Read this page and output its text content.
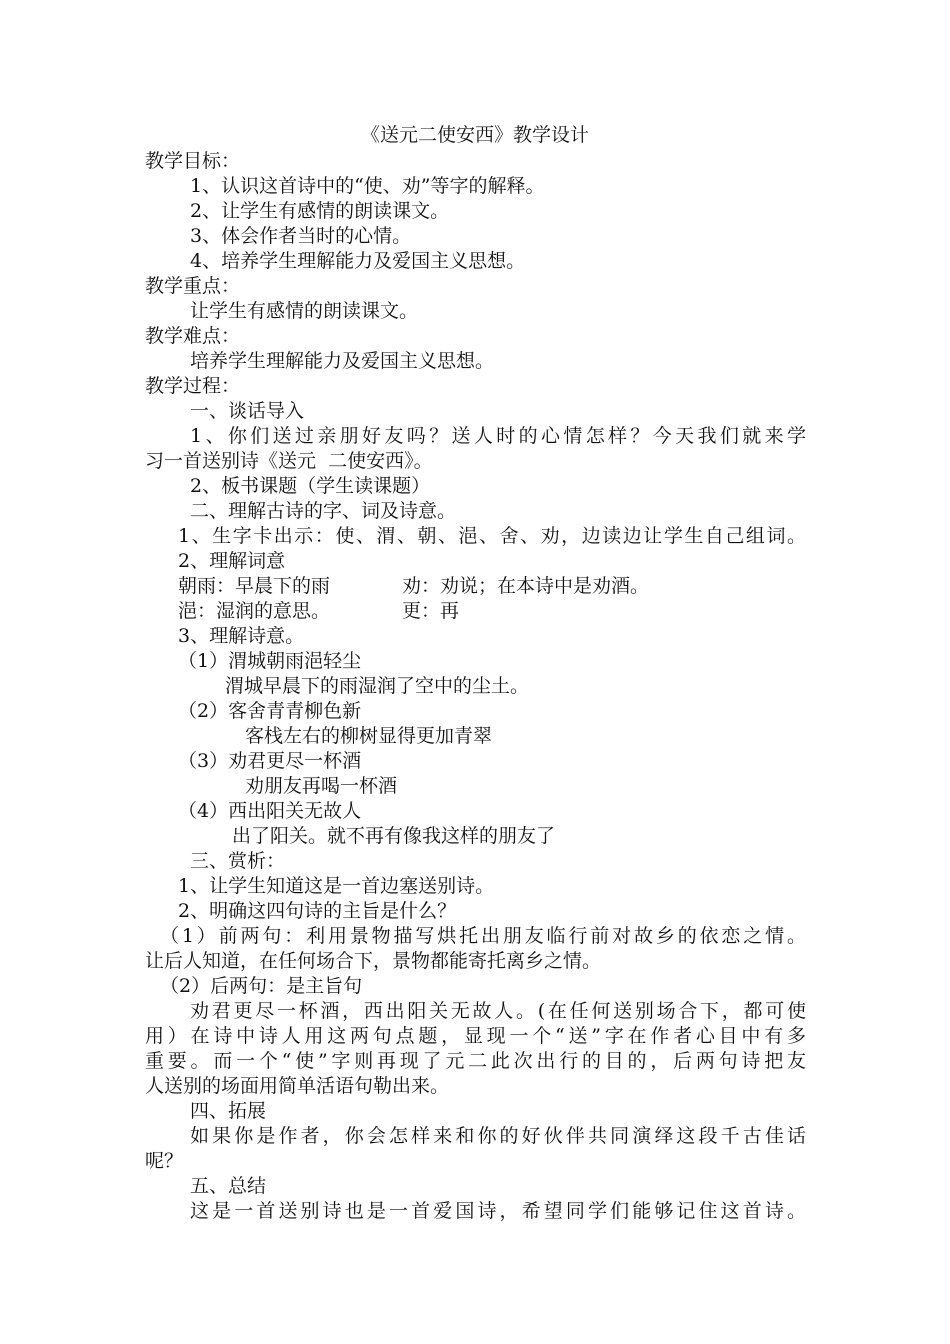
《送元二使安西》教学设计
教学目标：
1、认识这首诗中的“使、劝”等字的解释。
2、让学生有感情的朗读课文。
3、体会作者当时的心情。
4、培养学生理解能力及爱国主义思想。
教学重点：
让学生有感情的朗读课文。
教学难点：
培养学生理解能力及爱国主义思想。
教学过程：
一、谈话导入
1、你们送过亲朋好友吗？送人时的心情怎样？今天我们就来学
习一首送别诗《送元  二使安西》。
2、板书课题（学生读课题）
二、理解古诗的字、词及诗意。
1、生字卡出示：使、渭、朝、浥、舍、劝，边读边让学生自己组词。
2、理解词意
朝雨：早晨下的雨	劝：劝说；在本诗中是劝酒。
浥：湿润的意思。	更：再
3、理解诗意。
（1）渭城朝雨浥轻尘
渭城早晨下的雨湿润了空中的尘土。
（2）客舍青青柳色新
客栈左右的柳树显得更加青翠
（3）劝君更尽一杯酒
劝朋友再喝一杯酒
（4）西出阳关无故人
出了阳关。就不再有像我这样的朋友了
三、赏析：
1、让学生知道这是一首边塞送别诗。
2、明确这四句诗的主旨是什么？
（1）前两句：利用景物描写烘托出朋友临行前对故乡的依恋之情。
让后人知道，在任何场合下，景物都能寄托离乡之情。
（2）后两句：是主旨句
劝君更尽一杯酒，西出阳关无故人。(在任何送别场合下，都可使
用）在诗中诗人用这两句点题，显现一个“送”字在作者心目中有多
重要。而一个“使”字则再现了元二此次出行的目的，后两句诗把友
人送别的场面用简单活语句勒出来。
四、拓展
如果你是作者，你会怎样来和你的好伙伴共同演绎这段千古佳话
呢？
五、总结
这是一首送别诗也是一首爱国诗，希望同学们能够记住这首诗。
